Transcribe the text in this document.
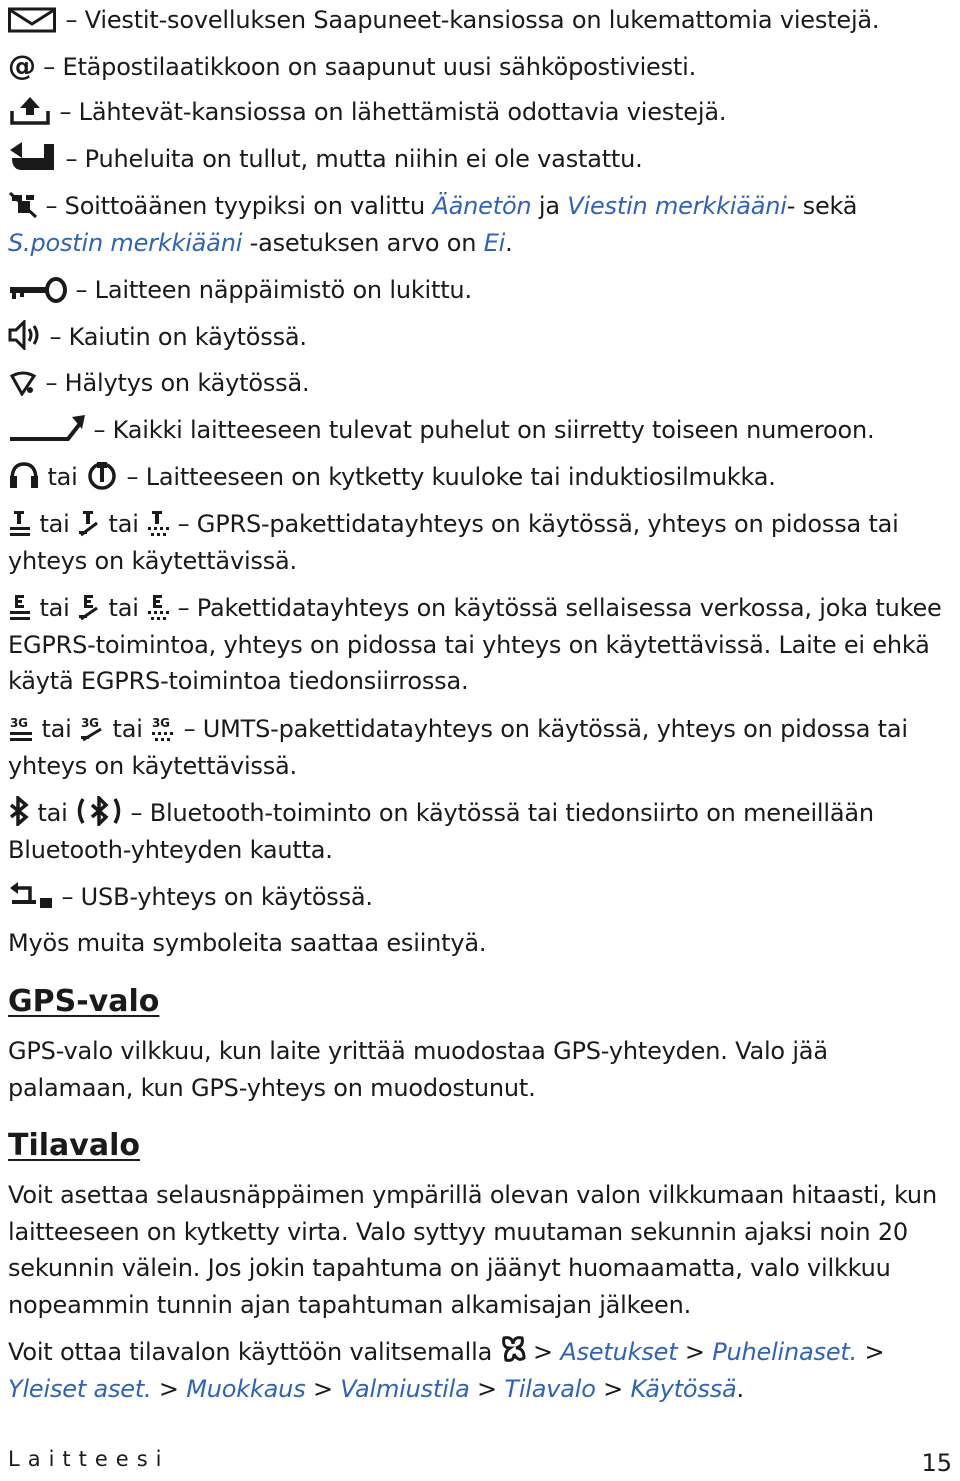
– Viestit-sovelluksen Saapuneet-kansiossa on lukemattomia viestejä.

@ – Etäpostilaatikkoon on saapunut uusi sähköpostiviesti.

– Lähtevät-kansiossa on lähettämistä odottavia viestejä.

– Puheluita on tullut, mutta niihin ei ole vastattu.

– Soittoäänen tyypiksi on valittu Äänetön ja Viestin merkkiääni- sekä
S.postin merkkiääni -asetuksen arvo on Ei.

– Laitteen näppäimistö on lukittu.

– Kaiutin on käytössä.

– Hälytys on käytössä.

– Kaikki laitteeseen tulevat puhelut on siirretty toiseen numeroon.

tai – Laitteeseen on kytketty kuuloke tai induktiosilmukka.

tai tai – GPRS-pakettidatayhteys on käytössä, yhteys on pidossa tai yhteys on käytettävissä.

tai tai – Pakettidatayhteys on käytössä sellaisessa verkossa, joka tukee EGPRS-toimintoa, yhteys on pidossa tai yhteys on käytettävissä. Laite ei ehkä käytä EGPRS-toimintoa tiedonsiirrossa.

3G tai 3G tai 3G – UMTS-pakettidatayhteys on käytössä, yhteys on pidossa tai yhteys on käytettävissä.

tai	– Bluetooth-toiminto on käytössä tai tiedonsiirto on meneillään Bluetooth-yhteyden kautta.

– USB-yhteys on käytössä.

Myös muita symboleita saattaa esiintyä.

GPS-valo

GPS-valo vilkkuu, kun laite yrittää muodostaa GPS-yhteyden. Valo jää palamaan, kun GPS-yhteys on muodostunut.

Tilavalo

Voit asettaa selausnäppäimen ympärillä olevan valon vilkkumaan hitaasti, kun laitteeseen on kytketty virta. Valo syttyy muutaman sekunnin ajaksi noin 20 sekunnin välein. Jos jokin tapahtuma on jäänyt huomaamatta, valo vilkkuu nopeammin tunnin ajan tapahtuman alkamisajan jälkeen.

Voit ottaa tilavalon käyttöön valitsemalla
> Asetukset > Puhelinaset. >
Yleiset aset. > Muokkaus > Valmiustila > Tilavalo > Käytössä.

Laitteesi	15
